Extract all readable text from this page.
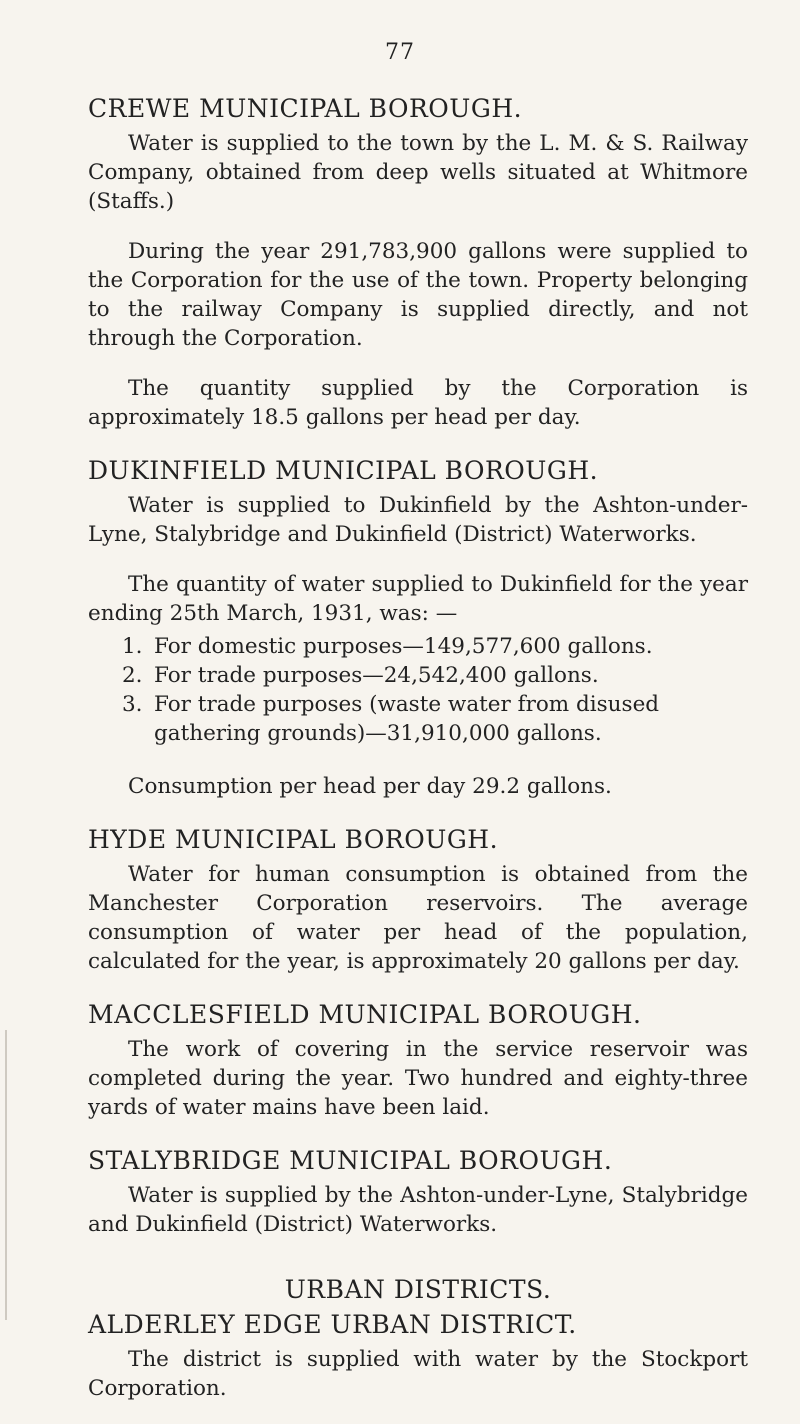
77
CREWE MUNICIPAL BOROUGH.

Water is supplied to the town by the L. M. & S. Railway Company, obtained from deep wells situated at Whitmore (Staffs.)

During the year 291,783,900 gallons were supplied to the Corporation for the use of the town. Property belonging to the railway Company is supplied directly, and not through the Corporation.

The quantity supplied by the Corporation is approximately 18.5 gallons per head per day.

DUKINFIELD MUNICIPAL BOROUGH.

Water is supplied to Dukinfield by the Ashton-under-Lyne, Stalybridge and Dukinfield (District) Waterworks.

The quantity of water supplied to Dukinfield for the year ending 25th March, 1931, was: —

1. For domestic purposes—149,577,600 gallons.
2. For trade purposes—24,542,400 gallons.
3. For trade purposes (waste water from disused gathering grounds)—31,910,000 gallons.

Consumption per head per day 29.2 gallons.

HYDE MUNICIPAL BOROUGH.

Water for human consumption is obtained from the Manchester Corporation reservoirs. The average consumption of water per head of the population, calculated for the year, is approximately 20 gallons per day.

MACCLESFIELD MUNICIPAL BOROUGH.

The work of covering in the service reservoir was completed during the year. Two hundred and eighty-three yards of water mains have been laid.

STALYBRIDGE MUNICIPAL BOROUGH.

Water is supplied by the Ashton-under-Lyne, Stalybridge and Dukinfield (District) Waterworks.

URBAN DISTRICTS.
ALDERLEY EDGE URBAN DISTRICT.

The district is supplied with water by the Stockport Corporation.
